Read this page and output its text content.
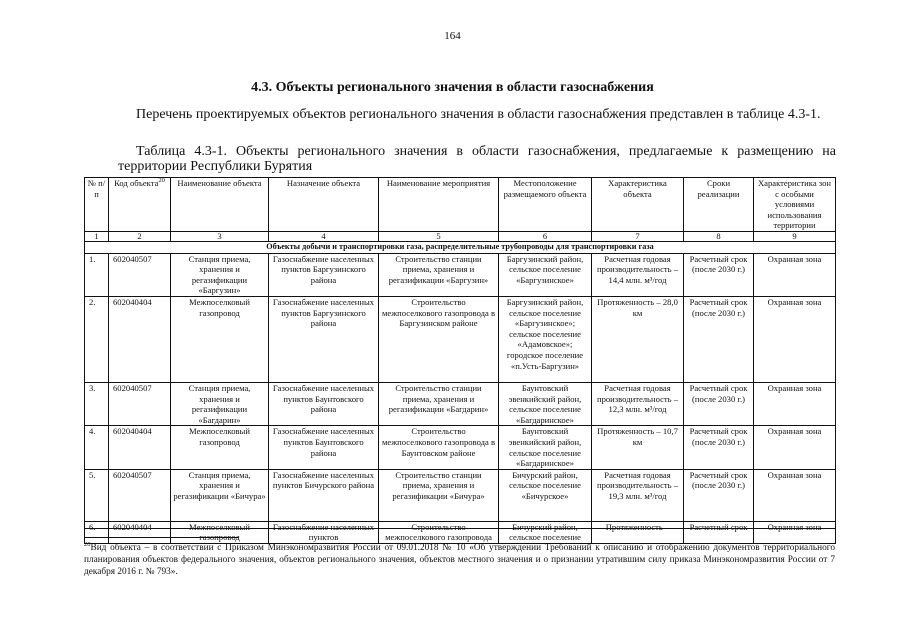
164
4.3. Объекты регионального значения в области газоснабжения
Перечень проектируемых объектов регионального значения в области газоснабжения представлен в таблице 4.3-1.
Таблица 4.3-1. Объекты регионального значения в области газоснабжения, предлагаемые к размещению на территории Республики Бурятия
№ п/п	Код объекта$^{20}$	Наименование объекта	Назначение объекта	Наименование мероприятия	Местоположение размещаемого объекта	Характеристика объекта	Сроки реализации	Характеристика зон с особыми условиями использования территории
1	2	3	4	5	6	7	8	9
Объекты добычи и транспортировки газа, распределительные трубопроводы для транспортировки газа								
1.	602040507	Станция приема, хранения и регазификации «Баргузин»	Газоснабжение населенных пунктов Баргузинского района	Строительство станции приема, хранения и регазификации «Баргузин»	Баргузинский район, сельское поселение «Баргузинское»	Расчетная годовая производительность – 14,4 млн. м³/год	Расчетный срок (после 2030 г.)	Охранная зона
2.	602040404	Межпоселковый газопровод	Газоснабжение населенных пунктов Баргузинского района	Строительство межпоселкового газопровода в Баргузинском районе	Баргузинский район, сельское поселение «Баргузинское»; сельское поселение «Адамовское»; городское поселение «п.Усть-Баргузин»	Протяженность – 28,0 км	Расчетный срок (после 2030 г.)	Охранная зона
3.	602040507	Станция приема, хранения и регазификации «Багдарин»	Газоснабжение населенных пунктов Баунтовского района	Строительство станции приема, хранения и регазификации «Багдарин»	Баунтовский эвенкийский район, сельское поселение «Багдаринское»	Расчетная годовая производительность – 12,3 млн. м³/год	Расчетный срок (после 2030 г.)	Охранная зона
4.	602040404	Межпоселковый газопровод	Газоснабжение населенных пунктов Баунтовского района	Строительство межпоселкового газопровода в Баунтовском районе	Баунтовский эвенкийский район, сельское поселение «Багдаринское»	Протяженность – 10,7 км	Расчетный срок (после 2030 г.)	Охранная зона
5.	602040507	Станция приема, хранения и регазификации «Бичура»	Газоснабжение населенных пунктов Бичурского района	Строительство станции приема, хранения и регазификации «Бичура»	Бичурский район, сельское поселение «Бичурское»	Расчетная годовая производительность – 19,3 млн. м³/год	Расчетный срок (после 2030 г.)	Охранная зона
6.	602040404	Межпоселковый газопровод	Газоснабжение населенных пунктов	Строительство межпоселкового газопровода	Бичурский район, сельское поселение	Протяженность –	Расчетный срок	Охранная зона
$^{20}$Вид объекта – в соответствии с Приказом Минэкономразвития России от 09.01.2018 № 10 «Об утверждении Требований к описанию и отображению документов территориального планирования объектов федерального значения, объектов регионального значения, объектов местного значения и о признании утратившим силу приказа Минэкономразвития России от 7 декабря 2016 г. № 793».
